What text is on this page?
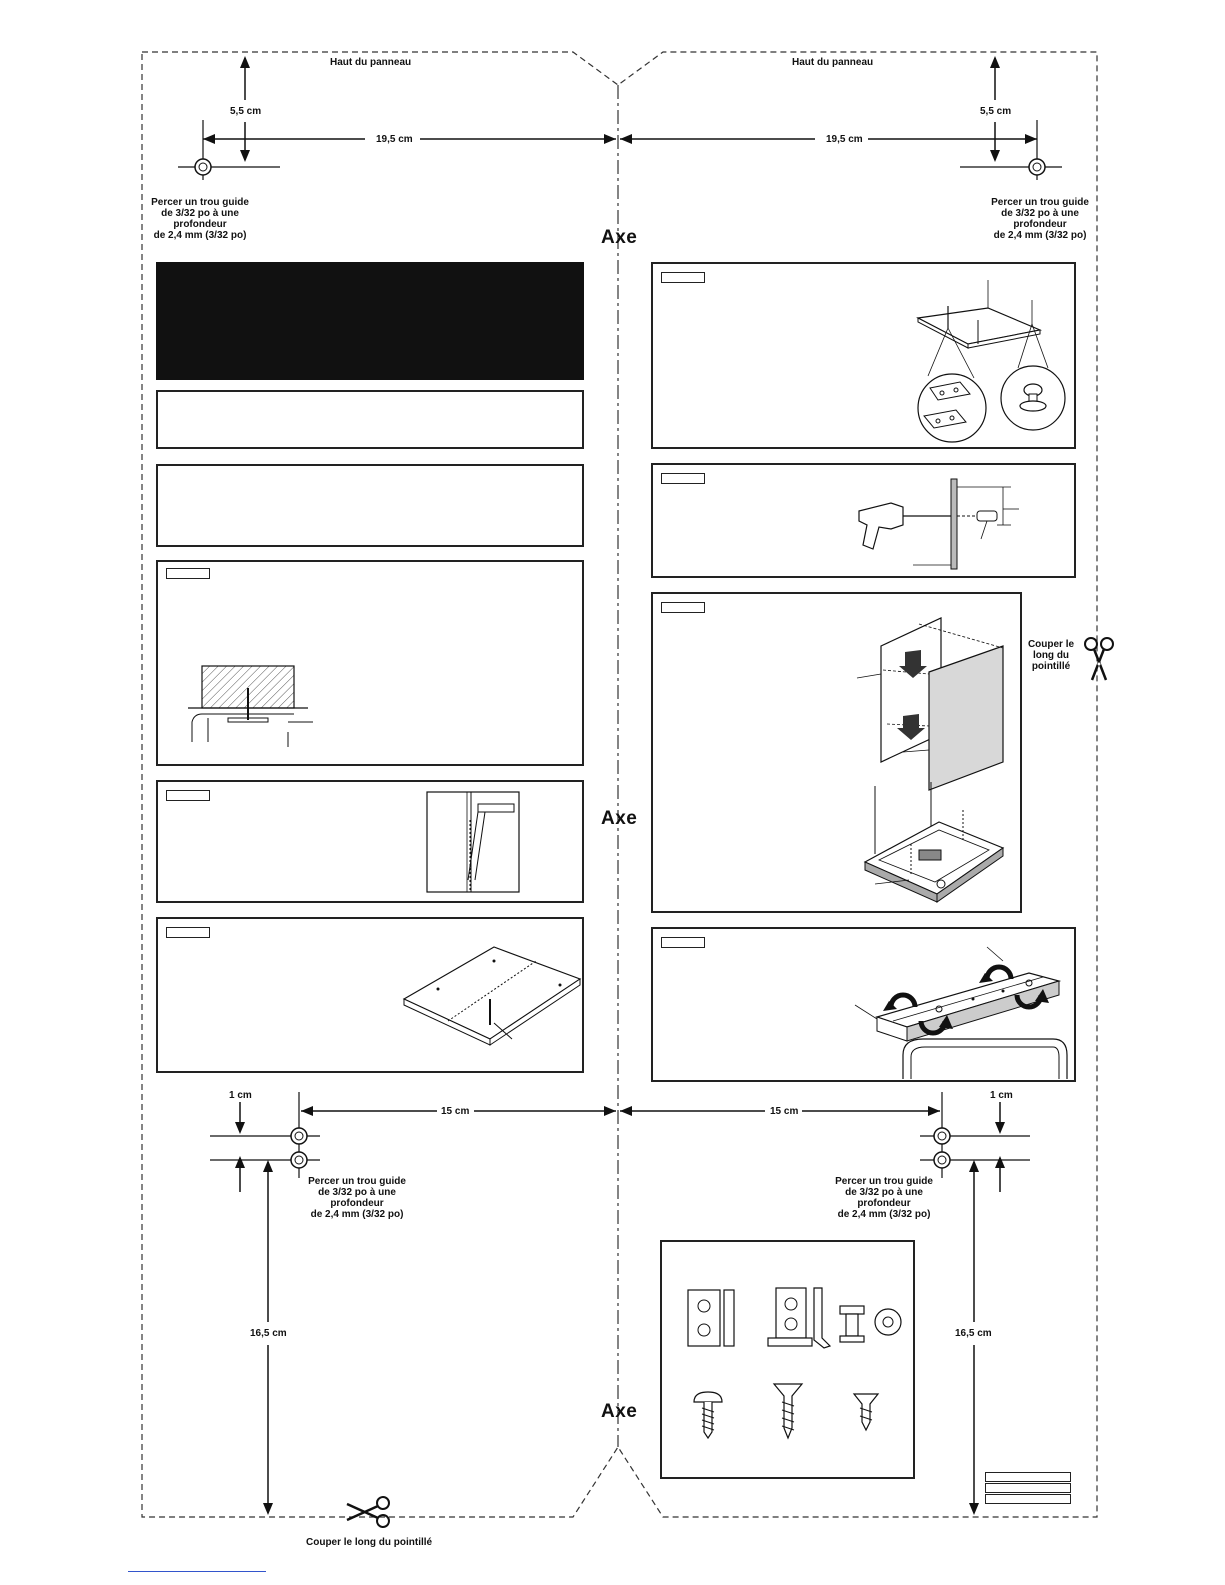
Haut du panneau	Haut du panneau
5,5 cm	5,5 cm
19,5 cm	19,5 cm
Percer un trou guide
de 3/32 po à une
profondeur
de 2,4 mm (3/32 po)
Percer un trou guide
de 3/32 po à une
profondeur
de 2,4 mm (3/32 po)
Axe
Axe
Axe
1 cm	1 cm
15 cm	15 cm
16,5 cm	16,5 cm
Percer un trou guide
de 3/32 po à une
profondeur
de 2,4 mm (3/32 po)
Percer un trou guide
de 3/32 po à une
profondeur
de 2,4 mm (3/32 po)
Couper le
long du
pointillé
Couper le long du pointillé
